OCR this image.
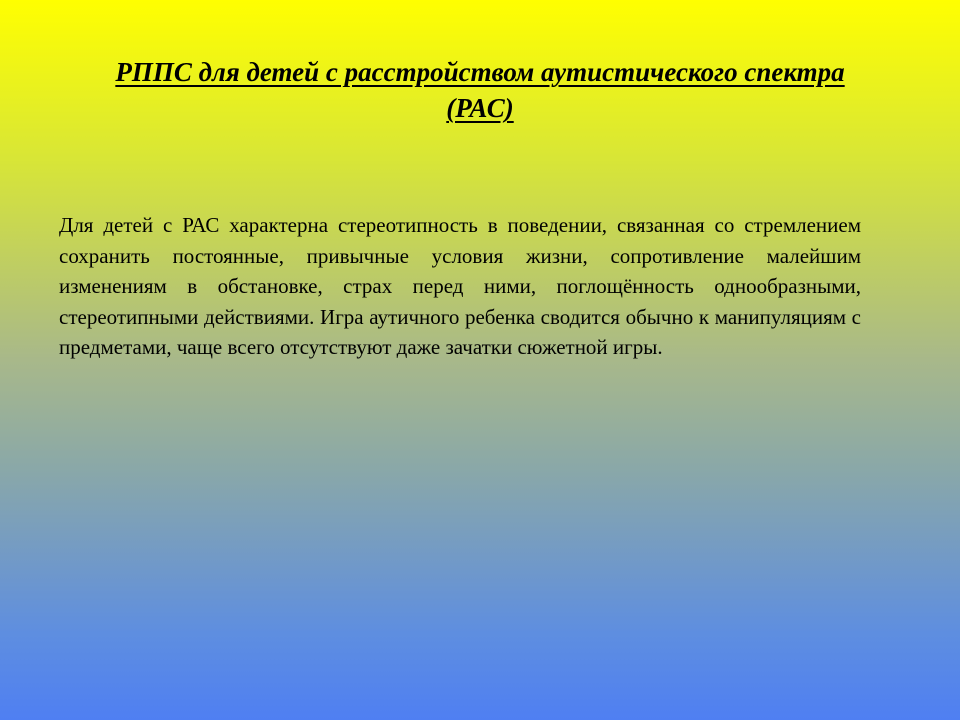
РППС для детей с расстройством аутистического спектра (РАС)

Для детей с РАС характерна стереотипность в поведении, связанная со стремлением сохранить постоянные, привычные условия жизни, сопротивление малейшим изменениям в обстановке, страх перед ними, поглощённость однообразными, стереотипными действиями. Игра аутичного ребенка сводится обычно к манипуляциям с предметами, чаще всего отсутствуют даже зачатки сюжетной игры.
